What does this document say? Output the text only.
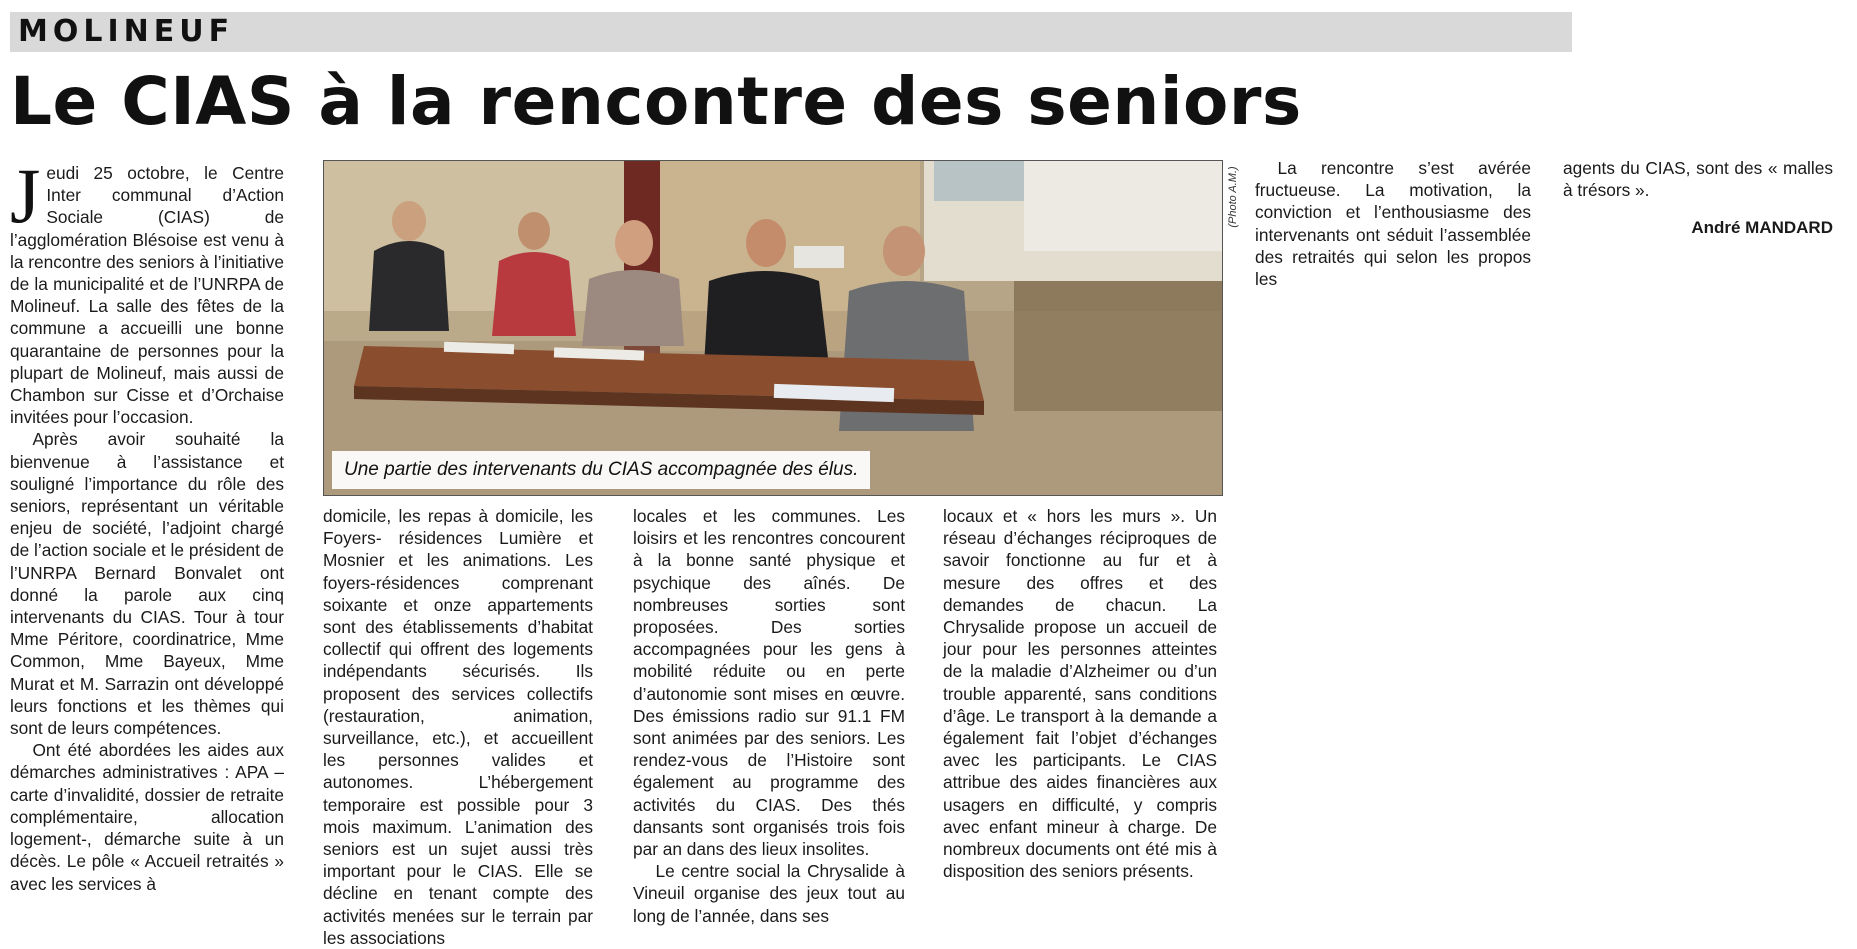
MOLINEUF
Le CIAS à la rencontre des seniors

Jeudi 25 octobre, le Centre Inter communal d’Action Sociale (CIAS) de l’agglomération Blésoise est venu à la rencontre des seniors à l’initiative de la municipalité et de l’UNRPA de Molineuf. La salle des fêtes de la commune a accueilli une bonne quarantaine de personnes pour la plupart de Molineuf, mais aussi de Chambon sur Cisse et d’Orchaise invitées pour l’occasion.

Après avoir souhaité la bienvenue à l’assistance et souligné l’importance du rôle des seniors, représentant un véritable enjeu de société, l’adjoint chargé de l’action sociale et le président de l’UNRPA Bernard Bonvalet ont donné la parole aux cinq intervenants du CIAS. Tour à tour Mme Péritore, coordinatrice, Mme Common, Mme Bayeux, Mme Murat et M. Sarrazin ont développé leurs fonctions et les thèmes qui sont de leurs compétences.

Ont été abordées les aides aux démarches administratives : APA – carte d’invalidité, dossier de retraite complémentaire, allocation logement-, démarche suite à un décès. Le pôle « Accueil retraités » avec les services à

Une partie des intervenants du CIAS accompagnée des élus.
(Photo A.M.)

domicile, les repas à domicile, les Foyers- résidences Lumière et Mosnier et les animations. Les foyers-résidences comprenant soixante et onze appartements sont des établissements d’habitat collectif qui offrent des logements indépendants sécurisés. Ils proposent des services collectifs (restauration, animation, surveillance, etc.), et accueillent les personnes valides et autonomes. L’hébergement temporaire est possible pour 3 mois maximum. L’animation des seniors est un sujet aussi très important pour le CIAS. Elle se décline en tenant compte des activités menées sur le terrain par les associations

locales et les communes. Les loisirs et les rencontres concourent à la bonne santé physique et psychique des aînés. De nombreuses sorties sont proposées. Des sorties accompagnées pour les gens à mobilité réduite ou en perte d’autonomie sont mises en œuvre. Des émissions radio sur 91.1 FM sont animées par des seniors. Les rendez-vous de l’Histoire sont également au programme des activités du CIAS. Des thés dansants sont organisés trois fois par an dans des lieux insolites.

Le centre social la Chrysalide à Vineuil organise des jeux tout au long de l’année, dans ses

locaux et « hors les murs ». Un réseau d’échanges réciproques de savoir fonctionne au fur et à mesure des offres et des demandes de chacun. La Chrysalide propose un accueil de jour pour les personnes atteintes de la maladie d’Alzheimer ou d’un trouble apparenté, sans conditions d’âge. Le transport à la demande a également fait l’objet d’échanges avec les participants. Le CIAS attribue des aides financières aux usagers en difficulté, y compris avec enfant mineur à charge. De nombreux documents ont été mis à disposition des seniors présents.

La rencontre s’est avérée fructueuse. La motivation, la conviction et l’enthousiasme des intervenants ont séduit l’assemblée des retraités qui selon les propos les

agents du CIAS, sont des « malles à trésors ».

André MANDARD
